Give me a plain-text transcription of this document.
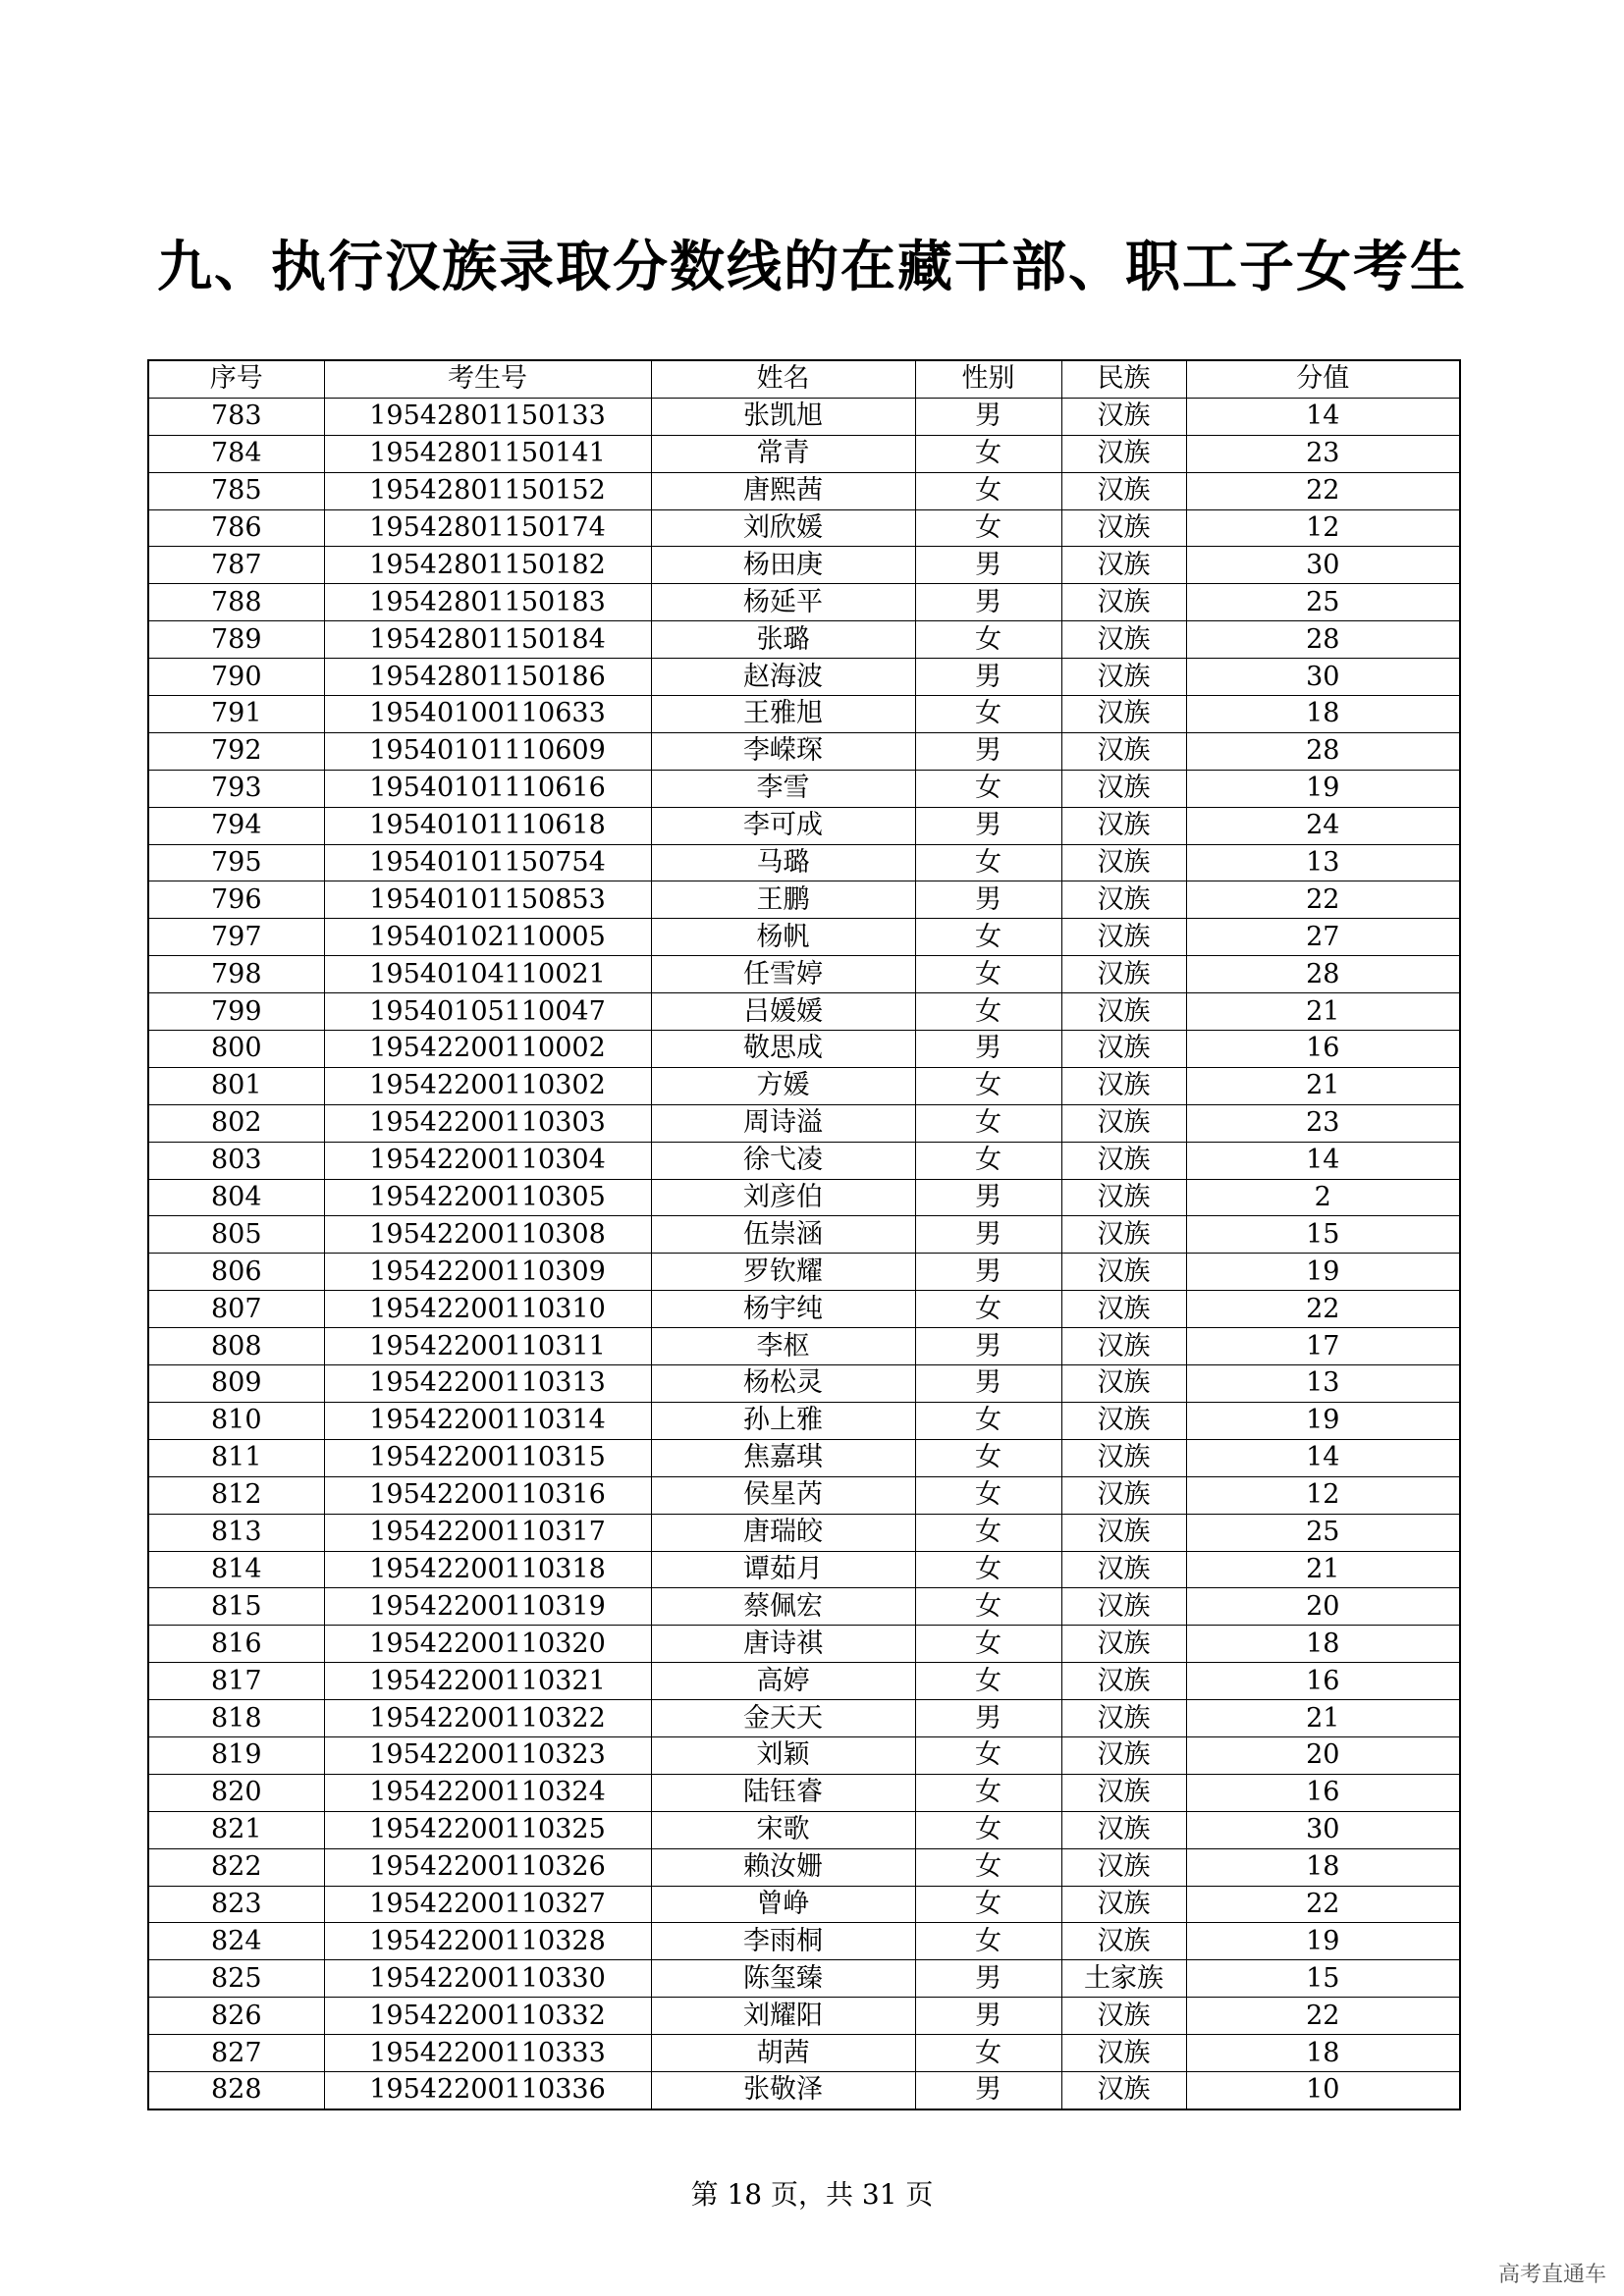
九、执行汉族录取分数线的在藏干部、职工子女考生
序号	考生号	姓名	性别	民族	分值
783	19542801150133	张凯旭	男	汉族	14
784	19542801150141	常青	女	汉族	23
785	19542801150152	唐熙茜	女	汉族	22
786	19542801150174	刘欣媛	女	汉族	12
787	19542801150182	杨田庚	男	汉族	30
788	19542801150183	杨延平	男	汉族	25
789	19542801150184	张璐	女	汉族	28
790	19542801150186	赵海波	男	汉族	30
791	19540100110633	王雅旭	女	汉族	18
792	19540101110609	李嵘琛	男	汉族	28
793	19540101110616	李雪	女	汉族	19
794	19540101110618	李可成	男	汉族	24
795	19540101150754	马璐	女	汉族	13
796	19540101150853	王鹏	男	汉族	22
797	19540102110005	杨帆	女	汉族	27
798	19540104110021	任雪婷	女	汉族	28
799	19540105110047	吕媛媛	女	汉族	21
800	19542200110002	敬思成	男	汉族	16
801	19542200110302	方媛	女	汉族	21
802	19542200110303	周诗溢	女	汉族	23
803	19542200110304	徐弋凌	女	汉族	14
804	19542200110305	刘彦伯	男	汉族	2
805	19542200110308	伍崇涵	男	汉族	15
806	19542200110309	罗钦耀	男	汉族	19
807	19542200110310	杨宇纯	女	汉族	22
808	19542200110311	李枢	男	汉族	17
809	19542200110313	杨松灵	男	汉族	13
810	19542200110314	孙上雅	女	汉族	19
811	19542200110315	焦嘉琪	女	汉族	14
812	19542200110316	侯星芮	女	汉族	12
813	19542200110317	唐瑞皎	女	汉族	25
814	19542200110318	谭茹月	女	汉族	21
815	19542200110319	蔡佩宏	女	汉族	20
816	19542200110320	唐诗祺	女	汉族	18
817	19542200110321	高婷	女	汉族	16
818	19542200110322	金天天	男	汉族	21
819	19542200110323	刘颖	女	汉族	20
820	19542200110324	陆钰睿	女	汉族	16
821	19542200110325	宋歌	女	汉族	30
822	19542200110326	赖汝姗	女	汉族	18
823	19542200110327	曾峥	女	汉族	22
824	19542200110328	李雨桐	女	汉族	19
825	19542200110330	陈玺臻	男	土家族	15
826	19542200110332	刘耀阳	男	汉族	22
827	19542200110333	胡茜	女	汉族	18
828	19542200110336	张敬泽	男	汉族	10
第 18 页，共 31 页
高考直通车
